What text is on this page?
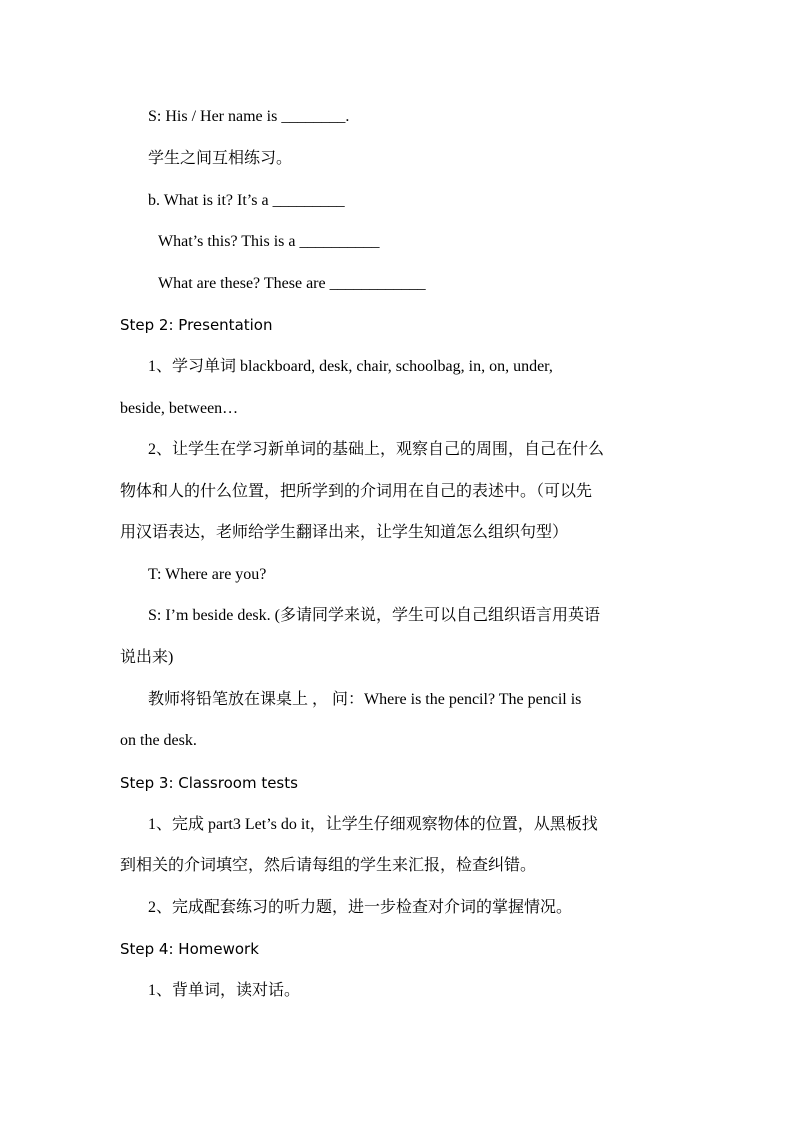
S: His / Her name is ________.
学生之间互相练习。
b. What is it? It’s a _________
What’s this? This is a __________
What are these? These are ____________
Step 2: Presentation
1、学习单词 blackboard, desk, chair, schoolbag, in, on, under,
beside, between…
2、让学生在学习新单词的基础上，观察自己的周围，自己在什么
物体和人的什么位置，把所学到的介词用在自己的表述中。（可以先
用汉语表达，老师给学生翻译出来，让学生知道怎么组织句型）
T: Where are you?
S: I’m beside desk. (多请同学来说，学生可以自己组织语言用英语
说出来)
教师将铅笔放在课桌上 ， 问：Where is the pencil? The pencil is
on the desk.
Step 3: Classroom tests
1、完成 part3 Let’s do it，让学生仔细观察物体的位置，从黑板找
到相关的介词填空，然后请每组的学生来汇报，检查纠错。
2、完成配套练习的听力题，进一步检查对介词的掌握情况。
Step 4: Homework
1、背单词，读对话。
